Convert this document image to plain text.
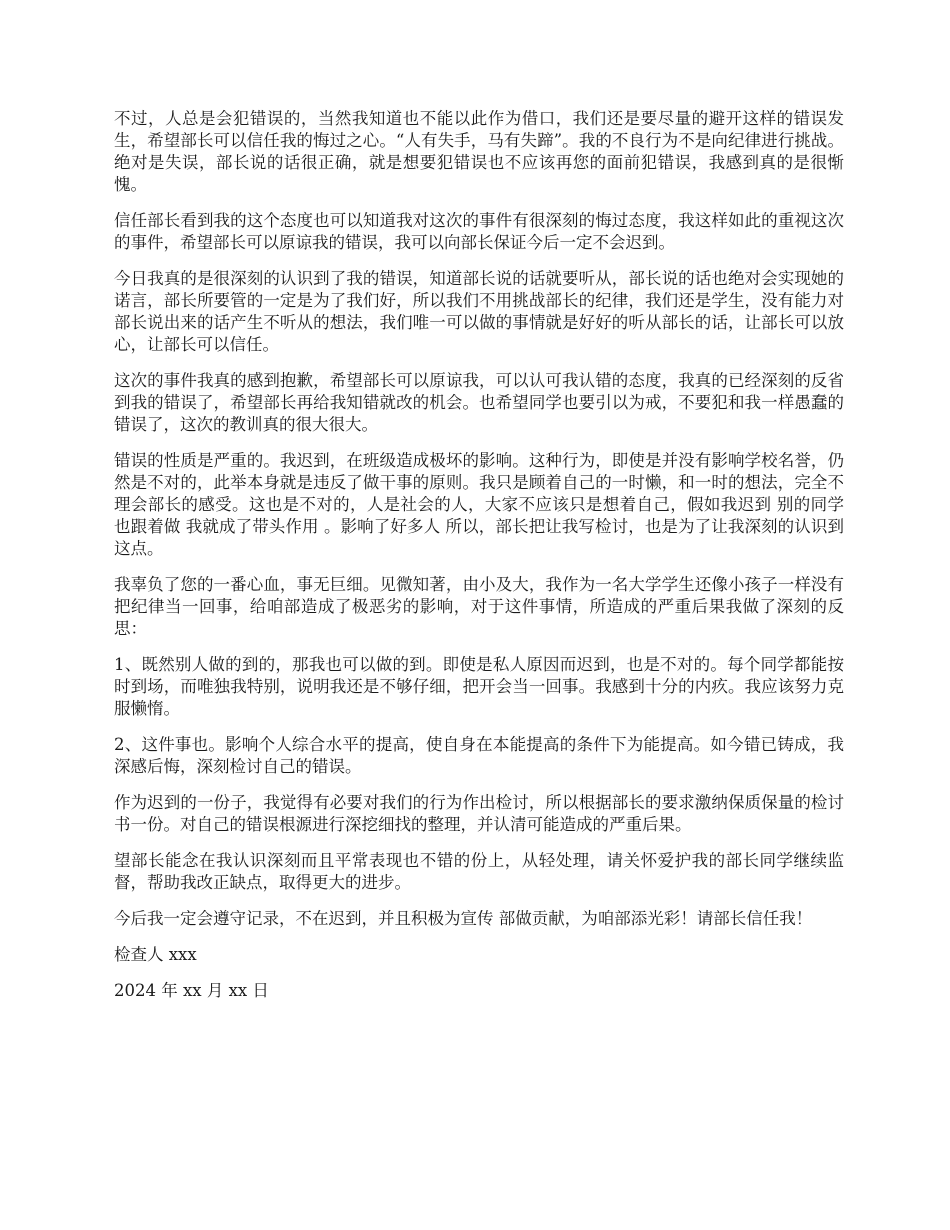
不过，人总是会犯错误的，当然我知道也不能以此作为借口，我们还是要尽量的避开这样的错误发生，希望部长可以信任我的悔过之心。“人有失手，马有失蹄”。我的不良行为不是向纪律进行挑战。绝对是失误，部长说的话很正确，就是想要犯错误也不应该再您的面前犯错误，我感到真的是很惭愧。

信任部长看到我的这个态度也可以知道我对这次的事件有很深刻的悔过态度，我这样如此的重视这次的事件，希望部长可以原谅我的错误，我可以向部长保证今后一定不会迟到。

今日我真的是很深刻的认识到了我的错误，知道部长说的话就要听从，部长说的话也绝对会实现她的诺言，部长所要管的一定是为了我们好，所以我们不用挑战部长的纪律，我们还是学生，没有能力对部长说出来的话产生不听从的想法，我们唯一可以做的事情就是好好的听从部长的话，让部长可以放心，让部长可以信任。

这次的事件我真的感到抱歉，希望部长可以原谅我，可以认可我认错的态度，我真的已经深刻的反省到我的错误了，希望部长再给我知错就改的机会。也希望同学也要引以为戒，不要犯和我一样愚蠢的错误了，这次的教训真的很大很大。

错误的性质是严重的。我迟到，在班级造成极坏的影响。这种行为，即使是并没有影响学校名誉，仍然是不对的，此举本身就是违反了做干事的原则。我只是顾着自己的一时懒，和一时的想法，完全不理会部长的感受。这也是不对的，人是社会的人，大家不应该只是想着自己，假如我迟到 别的同学也跟着做 我就成了带头作用 。影响了好多人 所以，部长把让我写检讨，也是为了让我深刻的认识到这点。

我辜负了您的一番心血，事无巨细。见微知著，由小及大，我作为一名大学学生还像小孩子一样没有把纪律当一回事，给咱部造成了极恶劣的影响，对于这件事情，所造成的严重后果我做了深刻的反思：

1、既然别人做的到的，那我也可以做的到。即使是私人原因而迟到，也是不对的。每个同学都能按时到场，而唯独我特别，说明我还是不够仔细，把开会当一回事。我感到十分的内疚。我应该努力克服懒惰。

2、这件事也。影响个人综合水平的提高，使自身在本能提高的条件下为能提高。如今错已铸成，我深感后悔，深刻检讨自己的错误。

作为迟到的一份子，我觉得有必要对我们的行为作出检讨，所以根据部长的要求激纳保质保量的检讨书一份。对自己的错误根源进行深挖细找的整理，并认清可能造成的严重后果。

望部长能念在我认识深刻而且平常表现也不错的份上，从轻处理，请关怀爱护我的部长同学继续监督，帮助我改正缺点，取得更大的进步。

今后我一定会遵守记录，不在迟到，并且积极为宣传 部做贡献，为咱部添光彩！请部长信任我！

检查人 xxx

2024 年 xx 月 xx 日
